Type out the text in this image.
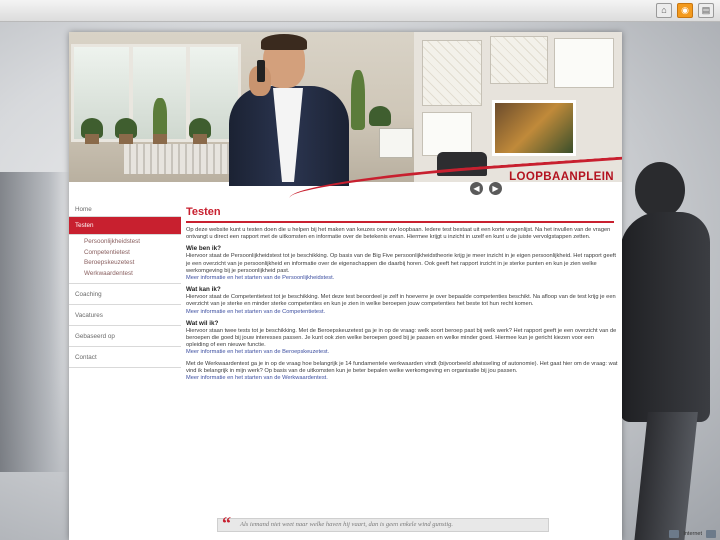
⌂	◉	▤
LOOPBAANPLEIN
◀	▶
Home
Testen
Persoonlijkheidstest
Competentietest
Beroepskeuzetest
Werkwaardentest
Coaching
Vacatures
Gebaseerd op
Contact
Testen

Op deze website kunt u testen doen die u helpen bij het maken van keuzes over uw loopbaan. Iedere test bestaat uit een korte vragenlijst. Na het invullen van de vragen ontvangt u direct een rapport met de uitkomsten en informatie over de betekenis ervan. Hiermee krijgt u inzicht in uzelf en kunt u de juiste vervolgstappen zetten.

Wie ben ik?

Hiervoor staat de Persoonlijkheidstest tot je beschikking. Op basis van de Big Five persoonlijkheidstheorie krijg je meer inzicht in je eigen persoonlijkheid. Het rapport geeft je een overzicht van je persoonlijkheid en informatie over de eigenschappen die daarbij horen. Ook geeft het rapport inzicht in je sterke punten en kun je zien welke werkomgeving bij je persoonlijkheid past.

Meer informatie en het starten van de Persoonlijkheidstest.

Wat kan ik?

Hiervoor staat de Competentietest tot je beschikking. Met deze test beoordeel je zelf in hoeverre je over bepaalde competenties beschikt. Na afloop van de test krijg je een overzicht van je sterke en minder sterke competenties en kun je zien in welke beroepen jouw competenties het beste tot hun recht komen.

Meer informatie en het starten van de Competentietest.

Wat wil ik?

Hiervoor staan twee tests tot je beschikking. Met de Beroepskeuzetest ga je in op de vraag: welk soort beroep past bij welk werk? Het rapport geeft je een overzicht van de beroepen die goed bij jouw interesses passen. Je kunt ook zien welke beroepen goed bij je passen en welke minder goed. Hiermee kun je gericht kiezen voor een opleiding of een nieuwe functie.

Meer informatie en het starten van de Beroepskeuzetest.

Met de Werkwaardentest ga je in op de vraag hoe belangrijk je 14 fundamentele werkwaarden vindt (bijvoorbeeld afwisseling of autonomie). Het gaat hier om de vraag: wat vind ik belangrijk in mijn werk? Op basis van de uitkomsten kun je beter bepalen welke werkomgeving en organisatie bij jou passen.

Meer informatie en het starten van de Werkwaardentest.

“ Als iemand niet weet naar welke haven hij vaart, dan is geen enkele wind gunstig.
Internet
